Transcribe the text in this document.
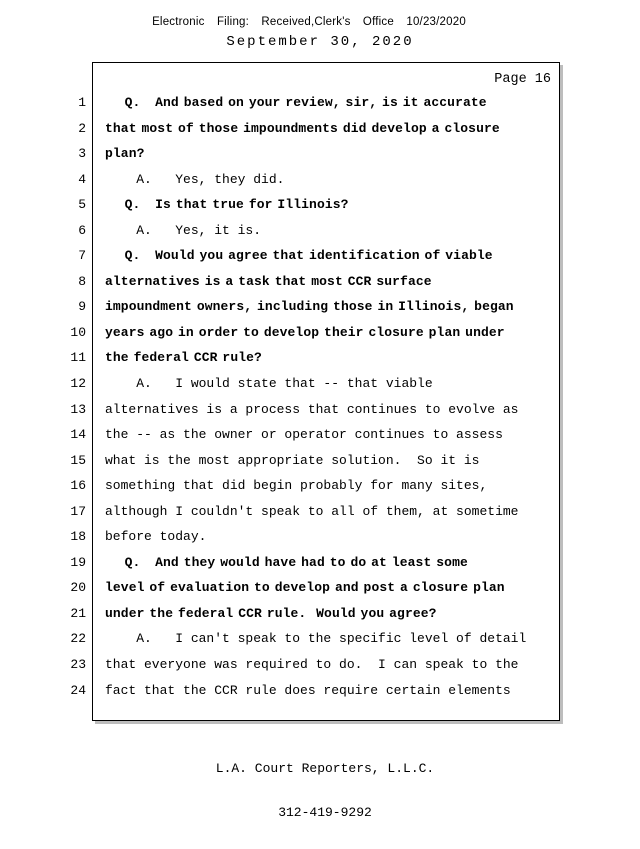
Electronic Filing: Received,Clerk's Office 10/23/2020
September 30, 2020
Page 16
1 Q.   And based on your review, sir, is it accurate
2 that most of those impoundments did develop a closure
3 plan?
4 A.   Yes, they did.
5 Q.   Is that true for Illinois?
6 A.   Yes, it is.
7 Q.   Would you agree that identification of viable
8 alternatives is a task that most CCR surface
9 impoundment owners, including those in Illinois, began
10 years ago in order to develop their closure plan under
11 the federal CCR rule?
12 A.   I would state that -- that viable
13 alternatives is a process that continues to evolve as
14 the -- as the owner or operator continues to assess
15 what is the most appropriate solution.  So it is
16 something that did begin probably for many sites,
17 although I couldn't speak to all of them, at sometime
18 before today.
19 Q.   And they would have had to do at least some
20 level of evaluation to develop and post a closure plan
21 under the federal CCR rule.  Would you agree?
22 A.   I can't speak to the specific level of detail
23 that everyone was required to do.  I can speak to the
24 fact that the CCR rule does require certain elements

L.A. Court Reporters, L.L.C.

312-419-9292
